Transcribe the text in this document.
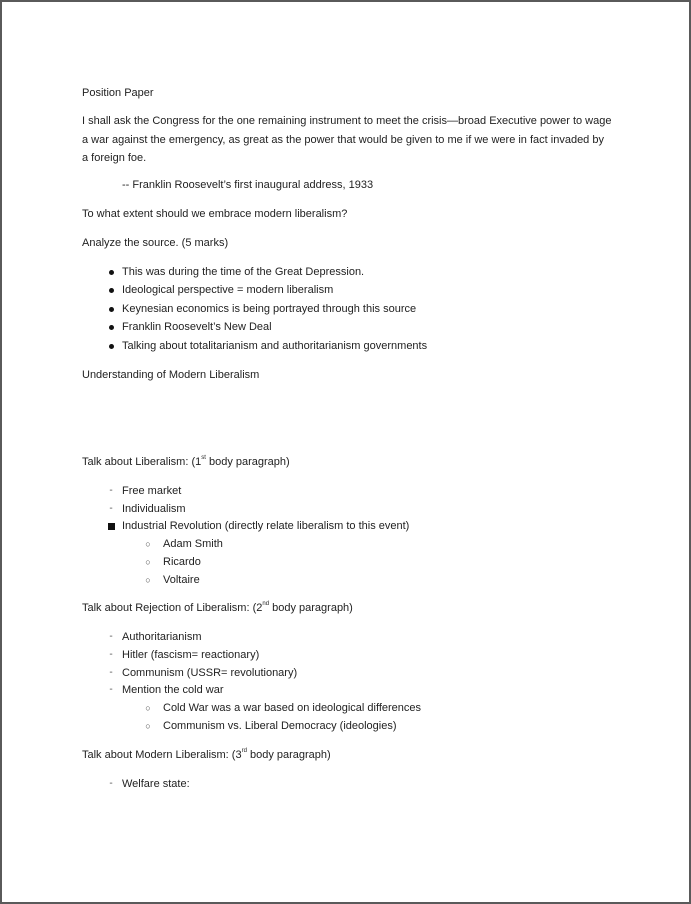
Position Paper
I shall ask the Congress for the one remaining instrument to meet the crisis—broad Executive power to wage a war against the emergency, as great as the power that would be given to me if we were in fact invaded by a foreign foe.
-- Franklin Roosevelt’s first inaugural address, 1933
To what extent should we embrace modern liberalism?
Analyze the source. (5 marks)
This was during the time of the Great Depression.
Ideological perspective = modern liberalism
Keynesian economics is being portrayed through this source
Franklin Roosevelt’s New Deal
Talking about totalitarianism and authoritarianism governments
Understanding of Modern Liberalism
Talk about Liberalism: (1st body paragraph)
- Free market
- Individualism
Industrial Revolution (directly relate liberalism to this event)
○ Adam Smith
○ Ricardo
○ Voltaire
Talk about Rejection of Liberalism: (2nd body paragraph)
- Authoritarianism
- Hitler (fascism= reactionary)
- Communism (USSR= revolutionary)
- Mention the cold war
○ Cold War was a war based on ideological differences
○ Communism vs. Liberal Democracy (ideologies)
Talk about Modern Liberalism: (3rd body paragraph)
- Welfare state:
